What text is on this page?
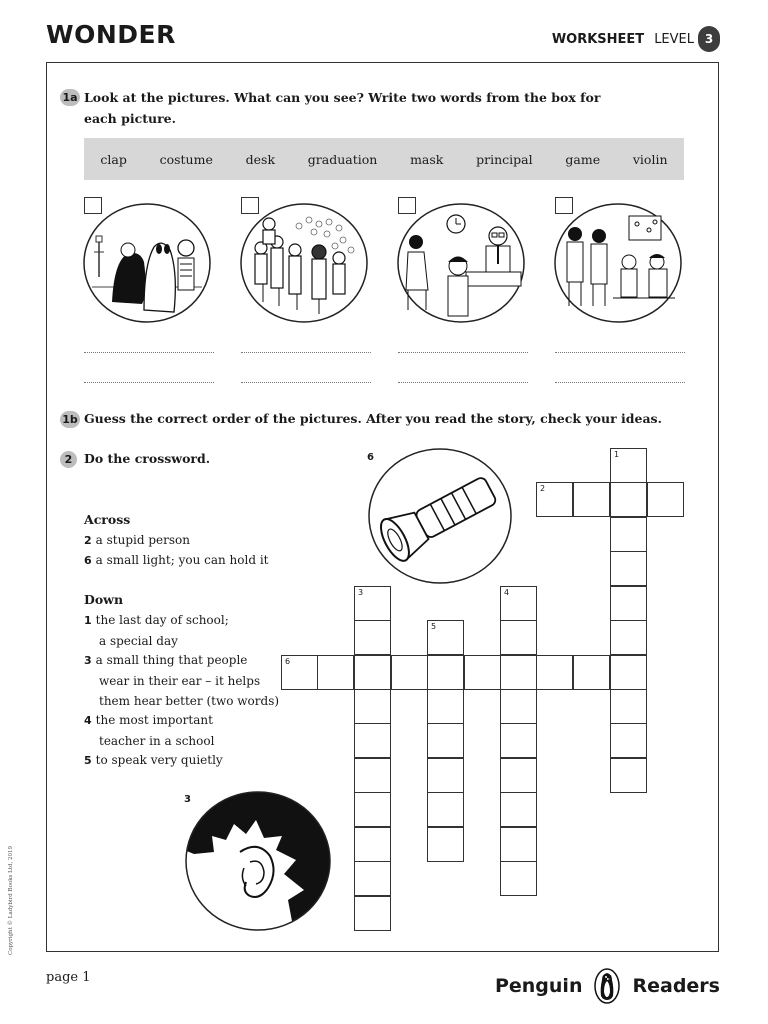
WONDER	WORKSHEET LEVEL 3
1a Look at the pictures. What can you see? Write two words from the box for
each picture.
clap	costume	desk	graduation	mask	principal	game	violin
1b Guess the correct order of the pictures. After you read the story, check your ideas.
2 Do the crossword.
Across
2 a stupid person
6 a small light; you can hold it
Down
1 the last day of school;
a special day
3 a small thing that people
wear in their ear – it helps
them hear better (two words)
4 the most important
teacher in a school
5 to speak very quietly
6
3
1
2
6
3
5
4
Copyright © Ladybird Books Ltd, 2019
page 1	Penguin	Readers
